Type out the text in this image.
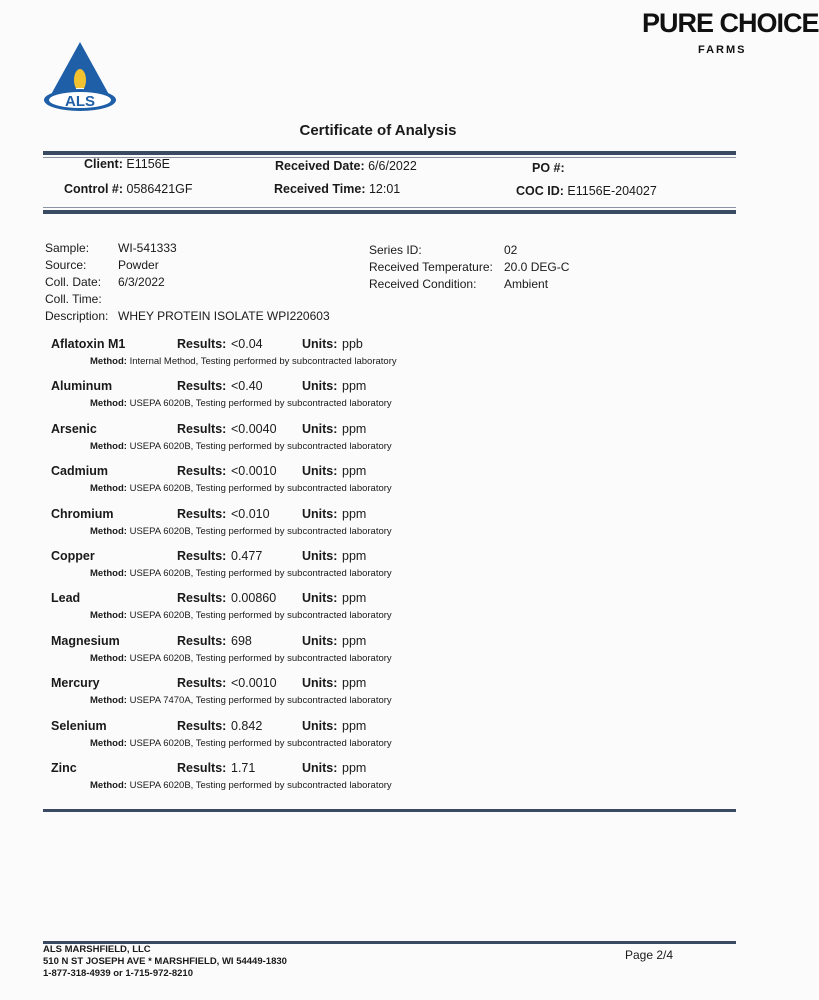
ALS
PURE CHOICE
FARMS
Certificate of Analysis
Client: E1156E	Received Date: 6/6/2022	PO #:
Control #: 0586421GF	Received Time: 12:01	COC ID: E1156E-204027
Sample: WI-541333
Source:	Powder
Coll. Date: 6/3/2022
Coll. Time:
Description: WHEY PROTEIN ISOLATE WPI220603
Series ID:	02
Received Temperature: 20.0 DEG-C
Received Condition: Ambient
Aflatoxin M1	Results: <0.04	Units: ppb
Method: Internal Method, Testing performed by subcontracted laboratory
Aluminum	Results: <0.40	Units: ppm
Method: USEPA 6020B, Testing performed by subcontracted laboratory
Arsenic	Results: <0.0040 Units: ppm
Method: USEPA 6020B, Testing performed by subcontracted laboratory
Cadmium	Results: <0.0010 Units: ppm
Method: USEPA 6020B, Testing performed by subcontracted laboratory
Chromium	Results: <0.010	Units: ppm
Method: USEPA 6020B, Testing performed by subcontracted laboratory
Copper	Results: 0.477	Units: ppm
Method: USEPA 6020B, Testing performed by subcontracted laboratory
Lead	Results: 0.00860 Units: ppm
Method: USEPA 6020B, Testing performed by subcontracted laboratory
Magnesium	Results: 698	Units: ppm
Method: USEPA 6020B, Testing performed by subcontracted laboratory
Mercury	Results: <0.0010 Units: ppm
Method: USEPA 7470A, Testing performed by subcontracted laboratory
Selenium	Results: 0.842	Units: ppm
Method: USEPA 6020B, Testing performed by subcontracted laboratory
Zinc	Results: 1.71	Units: ppm
Method: USEPA 6020B, Testing performed by subcontracted laboratory
ALS MARSHFIELD, LLC
510 N ST JOSEPH AVE * MARSHFIELD, WI 54449-1830
1-877-318-4939 or 1-715-972-8210
Page 2/4
